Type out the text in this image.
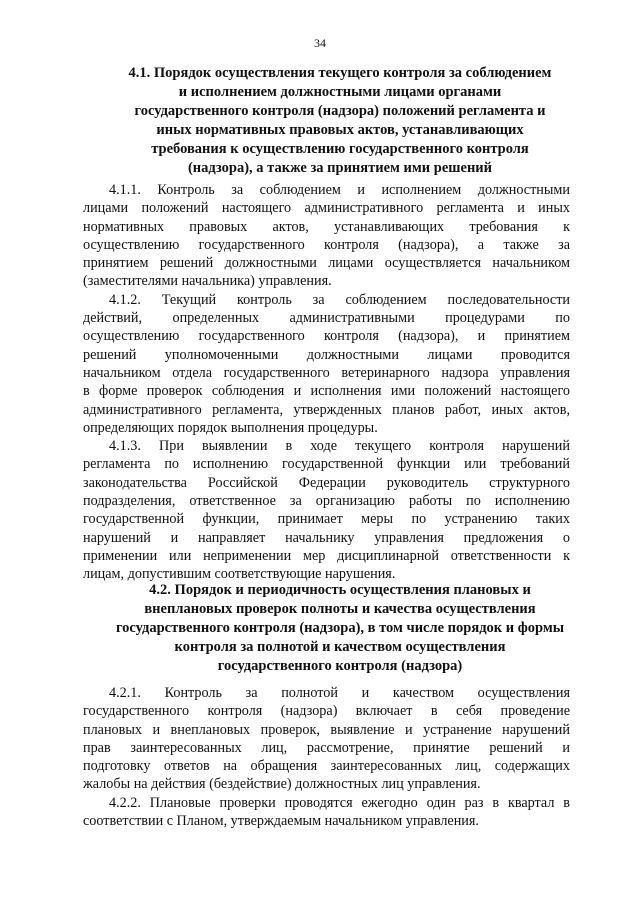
34
4.1. Порядок осуществления текущего контроля за соблюдением
и исполнением должностными лицами органами
государственного контроля (надзора) положений регламента и
иных нормативных правовых актов, устанавливающих
требования к осуществлению государственного контроля
(надзора), а также за принятием ими решений

4.1.1. Контроль за соблюдением и исполнением должностными
лицами положений настоящего административного регламента и иных
нормативных правовых актов, устанавливающих требования к
осуществлению государственного контроля (надзора), а также за
принятием решений должностными лицами осуществляется начальником
(заместителями начальника) управления.

4.1.2. Текущий контроль за соблюдением последовательности
действий, определенных административными процедурами по
осуществлению государственного контроля (надзора), и принятием
решений уполномоченными должностными лицами проводится
начальником отдела государственного ветеринарного надзора управления
в форме проверок соблюдения и исполнения ими положений настоящего
административного регламента, утвержденных планов работ, иных актов,
определяющих порядок выполнения процедуры.

4.1.3. При выявлении в ходе текущего контроля нарушений
регламента по исполнению государственной функции или требований
законодательства Российской Федерации руководитель структурного
подразделения, ответственное за организацию работы по исполнению
государственной функции, принимает меры по устранению таких
нарушений и направляет начальнику управления предложения о
применении или неприменении мер дисциплинарной ответственности к
лицам, допустившим соответствующие нарушения.

4.2. Порядок и периодичность осуществления плановых и
внеплановых проверок полноты и качества осуществления
государственного контроля (надзора), в том числе порядок и формы
контроля за полнотой и качеством осуществления
государственного контроля (надзора)

4.2.1. Контроль за полнотой и качеством осуществления
государственного контроля (надзора) включает в себя проведение
плановых и внеплановых проверок, выявление и устранение нарушений
прав заинтересованных лиц, рассмотрение, принятие решений и
подготовку ответов на обращения заинтересованных лиц, содержащих
жалобы на действия (бездействие) должностных лиц управления.

4.2.2. Плановые проверки проводятся ежегодно один раз в квартал в
соответствии с Планом, утверждаемым начальником управления.
